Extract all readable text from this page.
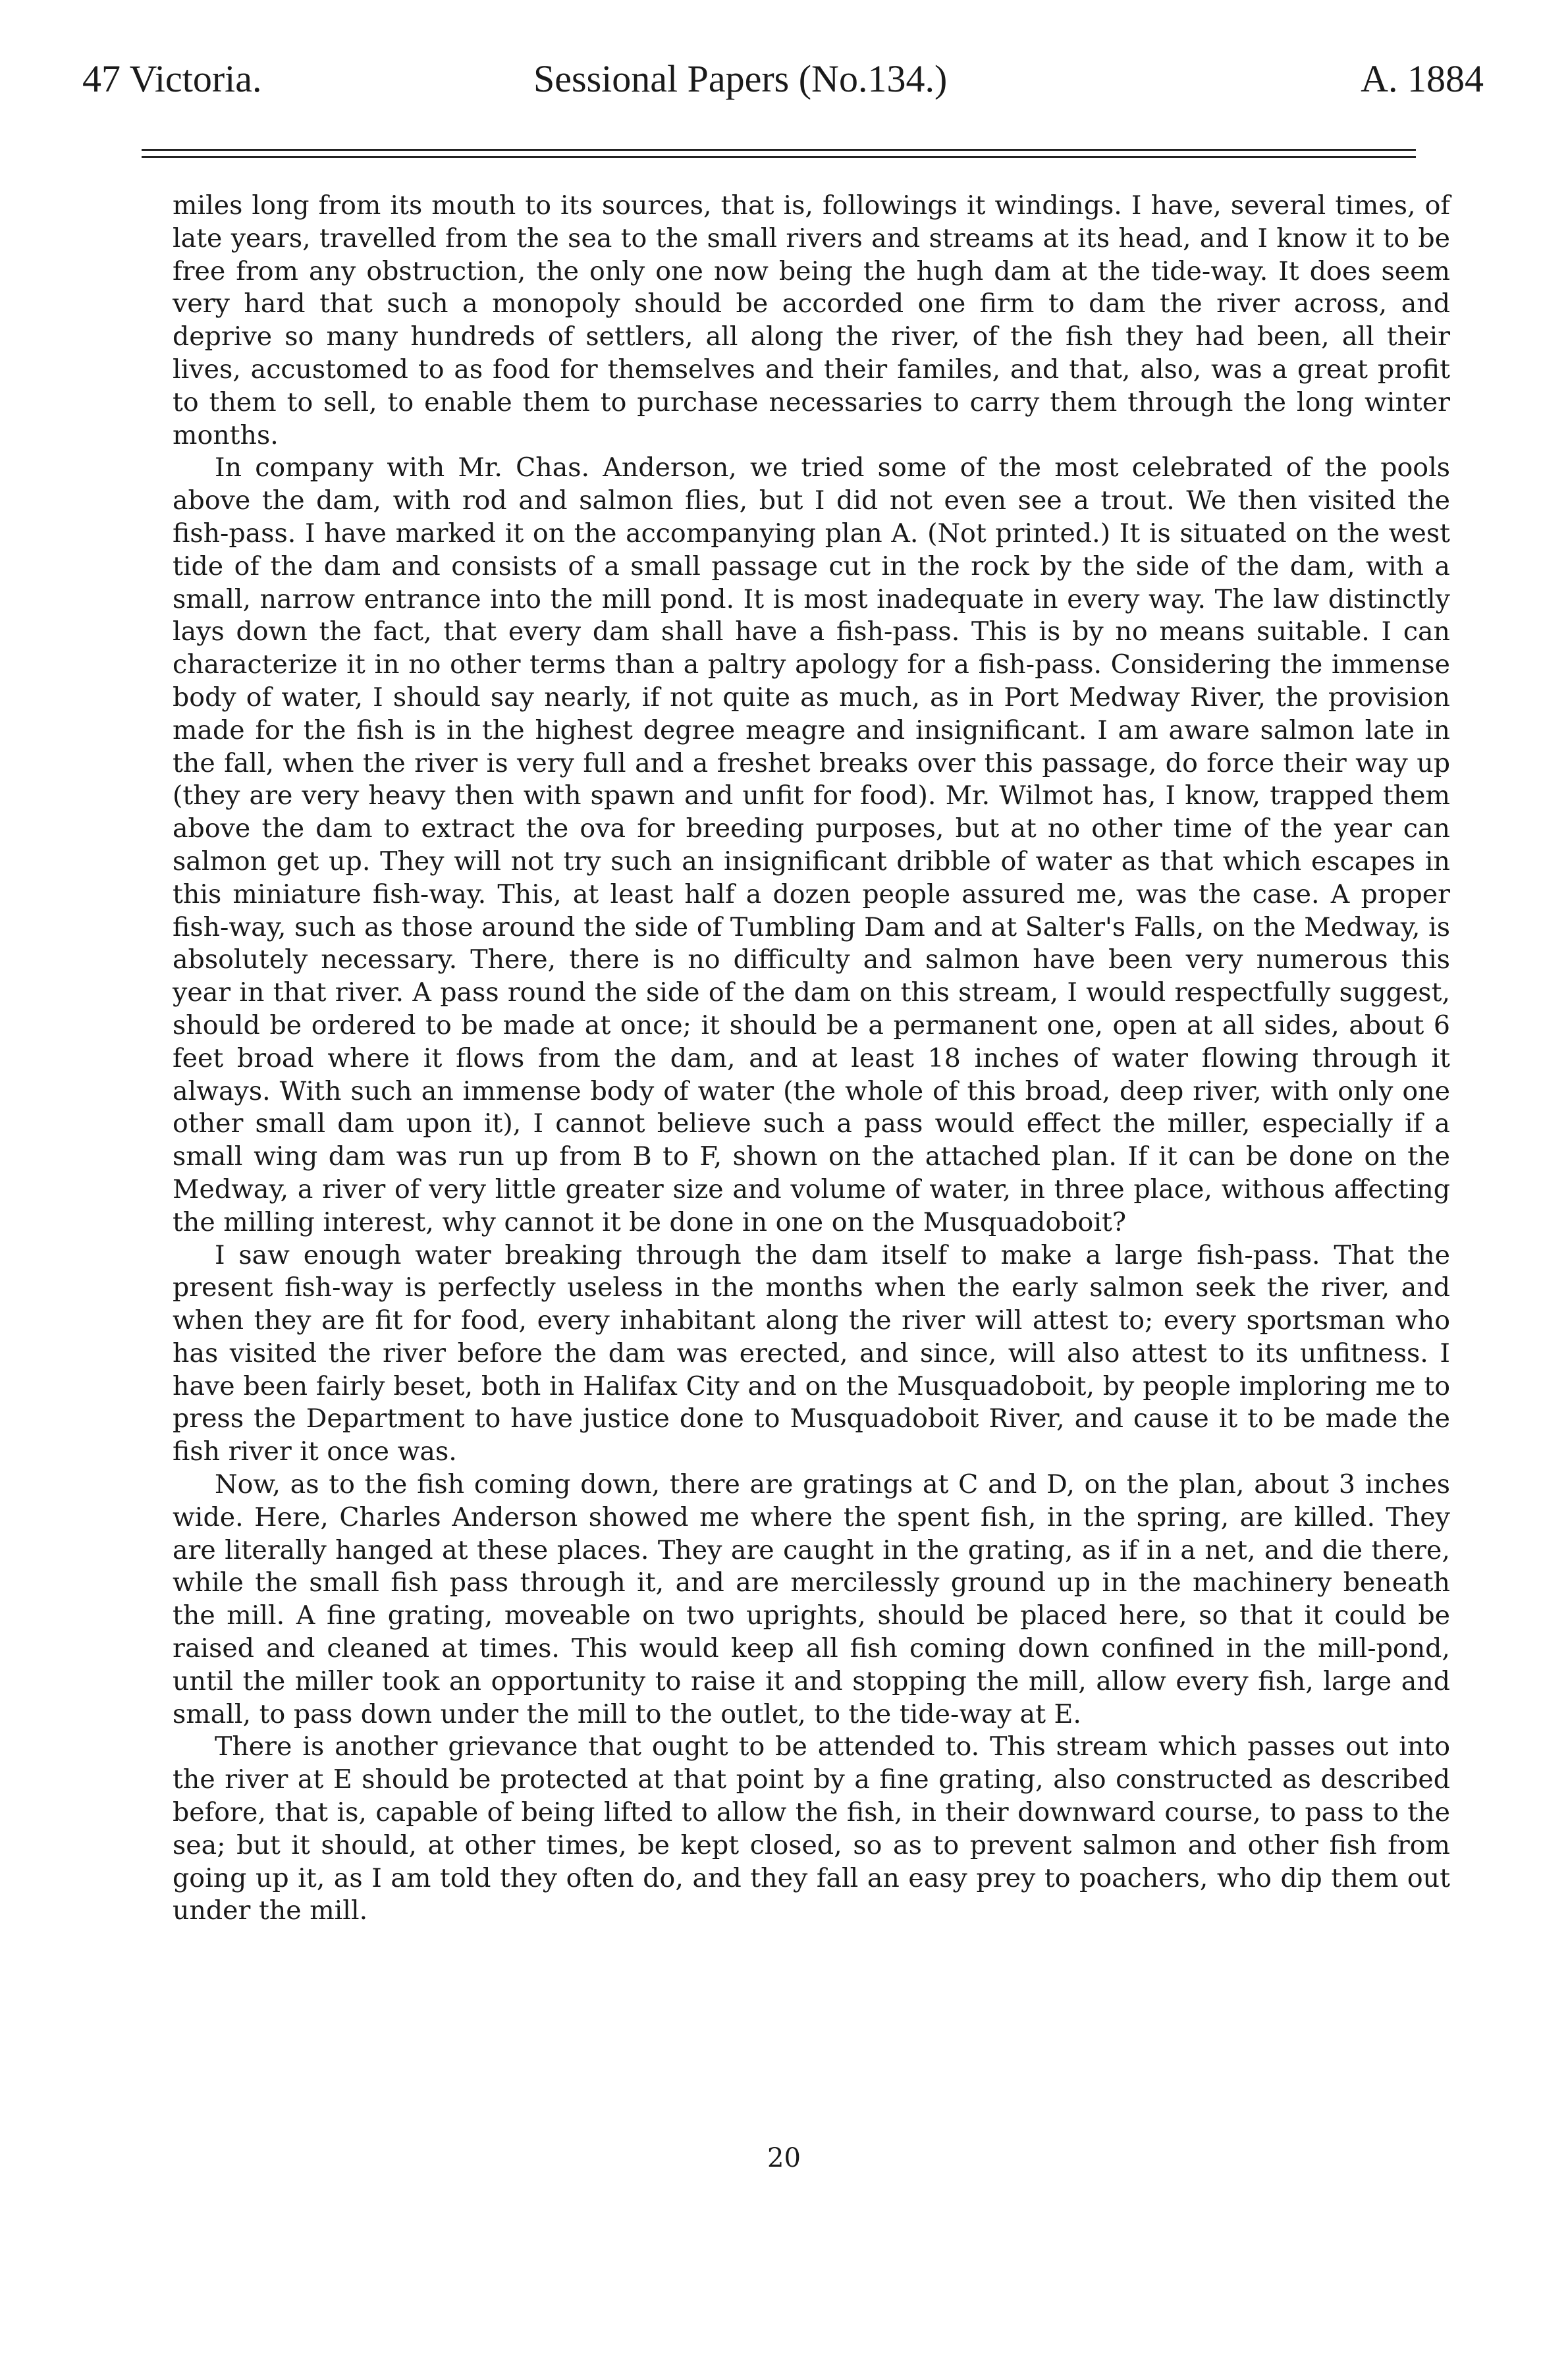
47 Victoria.	Sessional Papers (No.134.)	A. 1884

miles long from its mouth to its sources, that is, followings it windings. I have, several times, of late years, travelled from the sea to the small rivers and streams at its head, and I know it to be free from any obstruction, the only one now being the hugh dam at the tide-way. It does seem very hard that such a monopoly should be accorded one firm to dam the river across, and deprive so many hundreds of settlers, all along the river, of the fish they had been, all their lives, accustomed to as food for themselves and their familes, and that, also, was a great profit to them to sell, to enable them to purchase necessaries to carry them through the long winter months.

In company with Mr. Chas. Anderson, we tried some of the most celebrated of the pools above the dam, with rod and salmon flies, but I did not even see a trout. We then visited the fish-pass. I have marked it on the accompanying plan A. (Not printed.) It is situated on the west tide of the dam and consists of a small passage cut in the rock by the side of the dam, with a small, narrow entrance into the mill pond. It is most inadequate in every way. The law distinctly lays down the fact, that every dam shall have a fish-pass. This is by no means suitable. I can characterize it in no other terms than a paltry apology for a fish-pass. Considering the immense body of water, I should say nearly, if not quite as much, as in Port Medway River, the provision made for the fish is in the highest degree meagre and insignificant. I am aware salmon late in the fall, when the river is very full and a freshet breaks over this passage, do force their way up (they are very heavy then with spawn and unfit for food). Mr. Wilmot has, I know, trapped them above the dam to extract the ova for breeding purposes, but at no other time of the year can salmon get up. They will not try such an insignificant dribble of water as that which escapes in this miniature fish-way. This, at least half a dozen people assured me, was the case. A proper fish-way, such as those around the side of Tumbling Dam and at Salter's Falls, on the Medway, is absolutely necessary. There, there is no difficulty and salmon have been very numerous this year in that river. A pass round the side of the dam on this stream, I would respectfully suggest, should be ordered to be made at once; it should be a permanent one, open at all sides, about 6 feet broad where it flows from the dam, and at least 18 inches of water flowing through it always. With such an immense body of water (the whole of this broad, deep river, with only one other small dam upon it), I cannot believe such a pass would effect the miller, especially if a small wing dam was run up from B to F, shown on the attached plan. If it can be done on the Medway, a river of very little greater size and volume of water, in three place, withous affecting the milling interest, why cannot it be done in one on the Musquadoboit?

I saw enough water breaking through the dam itself to make a large fish-pass. That the present fish-way is perfectly useless in the months when the early salmon seek the river, and when they are fit for food, every inhabitant along the river will attest to; every sportsman who has visited the river before the dam was erected, and since, will also attest to its unfitness. I have been fairly beset, both in Halifax City and on the Musquadoboit, by people imploring me to press the Department to have justice done to Musquadoboit River, and cause it to be made the fish river it once was.

Now, as to the fish coming down, there are gratings at C and D, on the plan, about 3 inches wide. Here, Charles Anderson showed me where the spent fish, in the spring, are killed. They are literally hanged at these places. They are caught in the grating, as if in a net, and die there, while the small fish pass through it, and are mercilessly ground up in the machinery beneath the mill. A fine grating, moveable on two uprights, should be placed here, so that it could be raised and cleaned at times. This would keep all fish coming down confined in the mill-pond, until the miller took an opportunity to raise it and stopping the mill, allow every fish, large and small, to pass down under the mill to the outlet, to the tide-way at E.

There is another grievance that ought to be attended to. This stream which passes out into the river at E should be protected at that point by a fine grating, also constructed as described before, that is, capable of being lifted to allow the fish, in their downward course, to pass to the sea; but it should, at other times, be kept closed, so as to prevent salmon and other fish from going up it, as I am told they often do, and they fall an easy prey to poachers, who dip them out under the mill.

20
